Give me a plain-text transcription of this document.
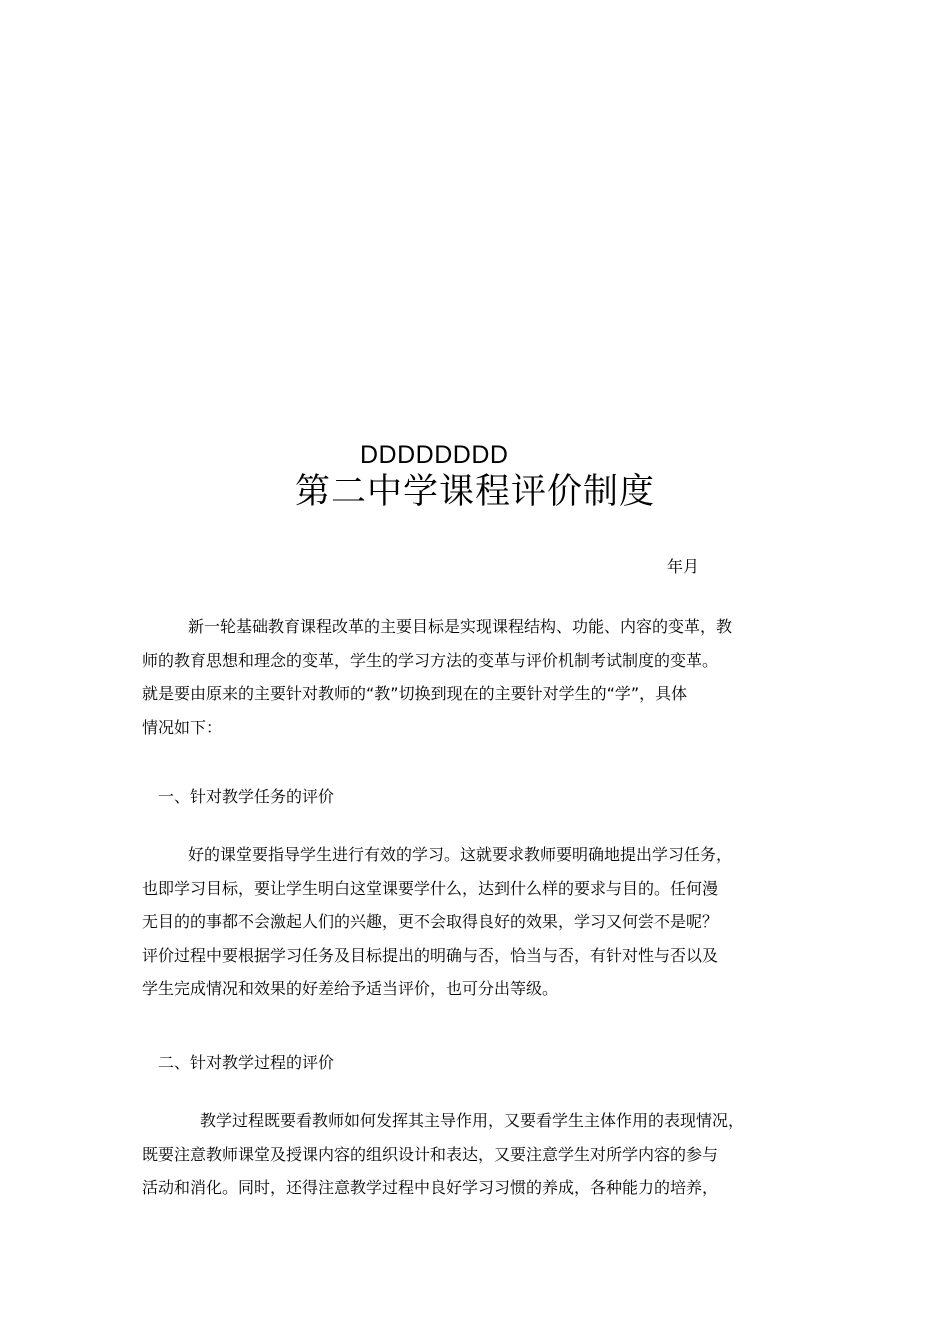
DDDDDDDD
第二中学课程评价制度
年月
新一轮基础教育课程改革的主要目标是实现课程结构、功能、内容的变革，教
师的教育思想和理念的变革，学生的学习方法的变革与评价机制考试制度的变革。
就是要由原来的主要针对教师的“教”切换到现在的主要针对学生的“学”，具体
情况如下：
一、针对教学任务的评价
好的课堂要指导学生进行有效的学习。这就要求教师要明确地提出学习任务，
也即学习目标，要让学生明白这堂课要学什么，达到什么样的要求与目的。任何漫
无目的的事都不会激起人们的兴趣，更不会取得良好的效果，学习又何尝不是呢？
评价过程中要根据学习任务及目标提出的明确与否，恰当与否，有针对性与否以及
学生完成情况和效果的好差给予适当评价，也可分出等级。
二、针对教学过程的评价
教学过程既要看教师如何发挥其主导作用，又要看学生主体作用的表现情况，
既要注意教师课堂及授课内容的组织设计和表达，又要注意学生对所学内容的参与
活动和消化。同时，还得注意教学过程中良好学习习惯的养成，各种能力的培养，
